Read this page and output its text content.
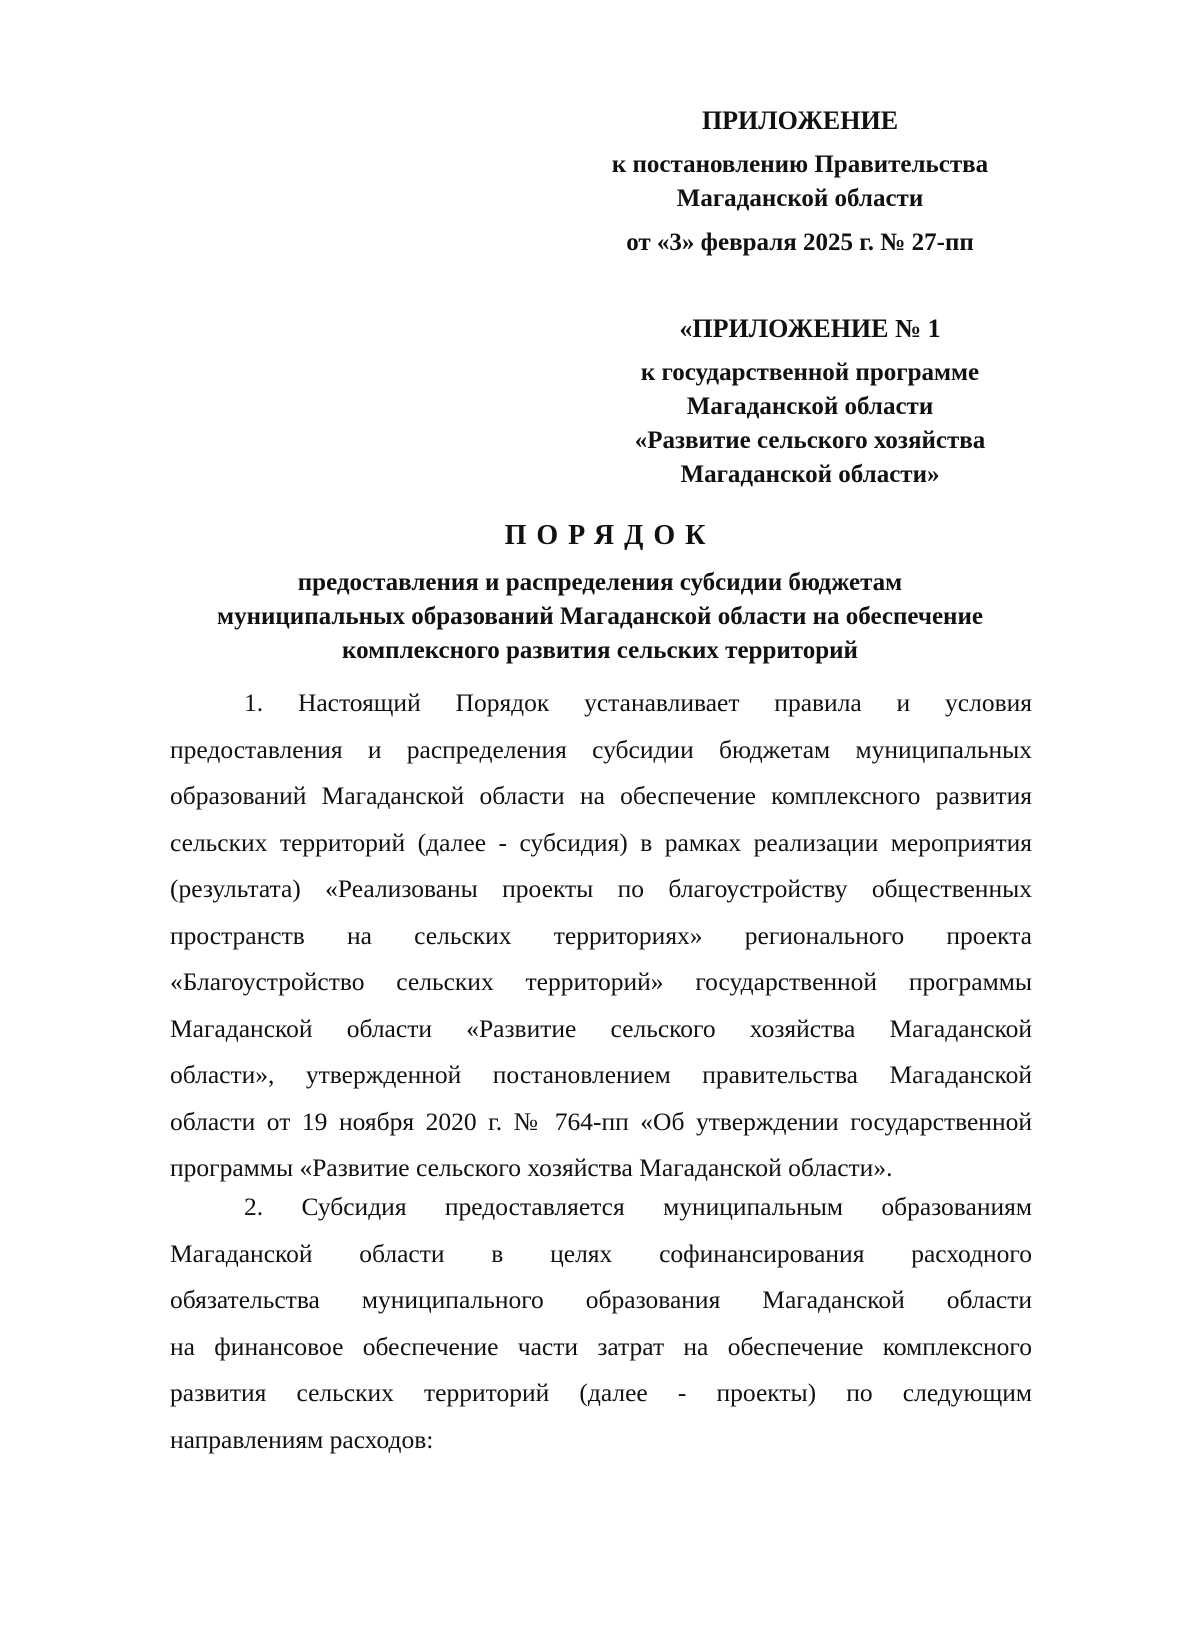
ПРИЛОЖЕНИЕ
к постановлению Правительства
Магаданской области
от «3» февраля 2025 г. № 27-пп
«ПРИЛОЖЕНИЕ № 1
к государственной программе
Магаданской области
«Развитие сельского хозяйства
Магаданской области»
ПОРЯДОК
предоставления и распределения субсидии бюджетам
муниципальных образований Магаданской области на обеспечение
комплексного развития сельских территорий
1. Настоящий Порядок устанавливает правила и условия
предоставления и распределения субсидии бюджетам муниципальных
образований Магаданской области на обеспечение комплексного развития
сельских территорий (далее - субсидия) в рамках реализации мероприятия
(результата) «Реализованы проекты по благоустройству общественных
пространств на сельских территориях» регионального проекта
«Благоустройство сельских территорий» государственной программы
Магаданской области «Развитие сельского хозяйства Магаданской
области», утвержденной постановлением правительства Магаданской
области от 19 ноября 2020 г. № 764-пп «Об утверждении государственной
программы «Развитие сельского хозяйства Магаданской области».
2. Субсидия предоставляется муниципальным образованиям
Магаданской области в целях софинансирования расходного
обязательства муниципального образования Магаданской области
на финансовое обеспечение части затрат на обеспечение комплексного
развития сельских территорий (далее - проекты) по следующим
направлениям расходов:
